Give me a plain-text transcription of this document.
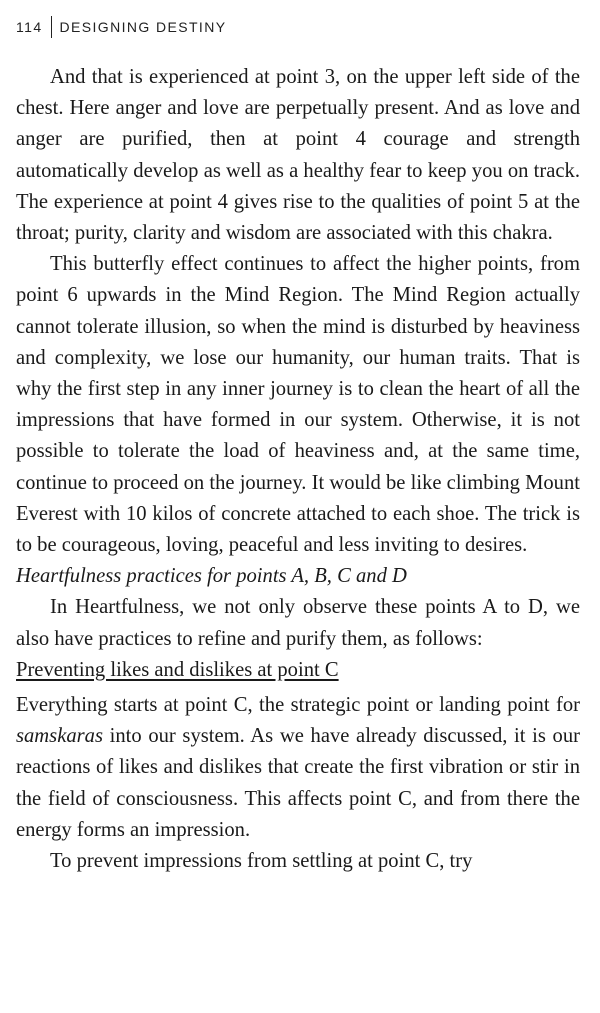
114	DESIGNING DESTINY

And that is experienced at point 3, on the upper left side of the chest. Here anger and love are perpetually present. And as love and anger are purified, then at point 4 courage and strength automatically develop as well as a healthy fear to keep you on track. The experience at point 4 gives rise to the qualities of point 5 at the throat; purity, clarity and wisdom are associated with this chakra.

This butterfly effect continues to affect the higher points, from point 6 upwards in the Mind Region. The Mind Region actually cannot tolerate illusion, so when the mind is disturbed by heaviness and complexity, we lose our humanity, our human traits. That is why the first step in any inner journey is to clean the heart of all the impressions that have formed in our system. Otherwise, it is not possible to tolerate the load of heaviness and, at the same time, continue to proceed on the journey. It would be like climbing Mount Everest with 10 kilos of concrete attached to each shoe. The trick is to be courageous, loving, peaceful and less inviting to desires.

Heartfulness practices for points A, B, C and D

In Heartfulness, we not only observe these points A to D, we also have practices to refine and purify them, as follows:

Preventing likes and dislikes at point C

Everything starts at point C, the strategic point or landing point for samskaras into our system. As we have already discussed, it is our reactions of likes and dislikes that create the first vibration or stir in the field of consciousness. This affects point C, and from there the energy forms an impression.

To prevent impressions from settling at point C, try
